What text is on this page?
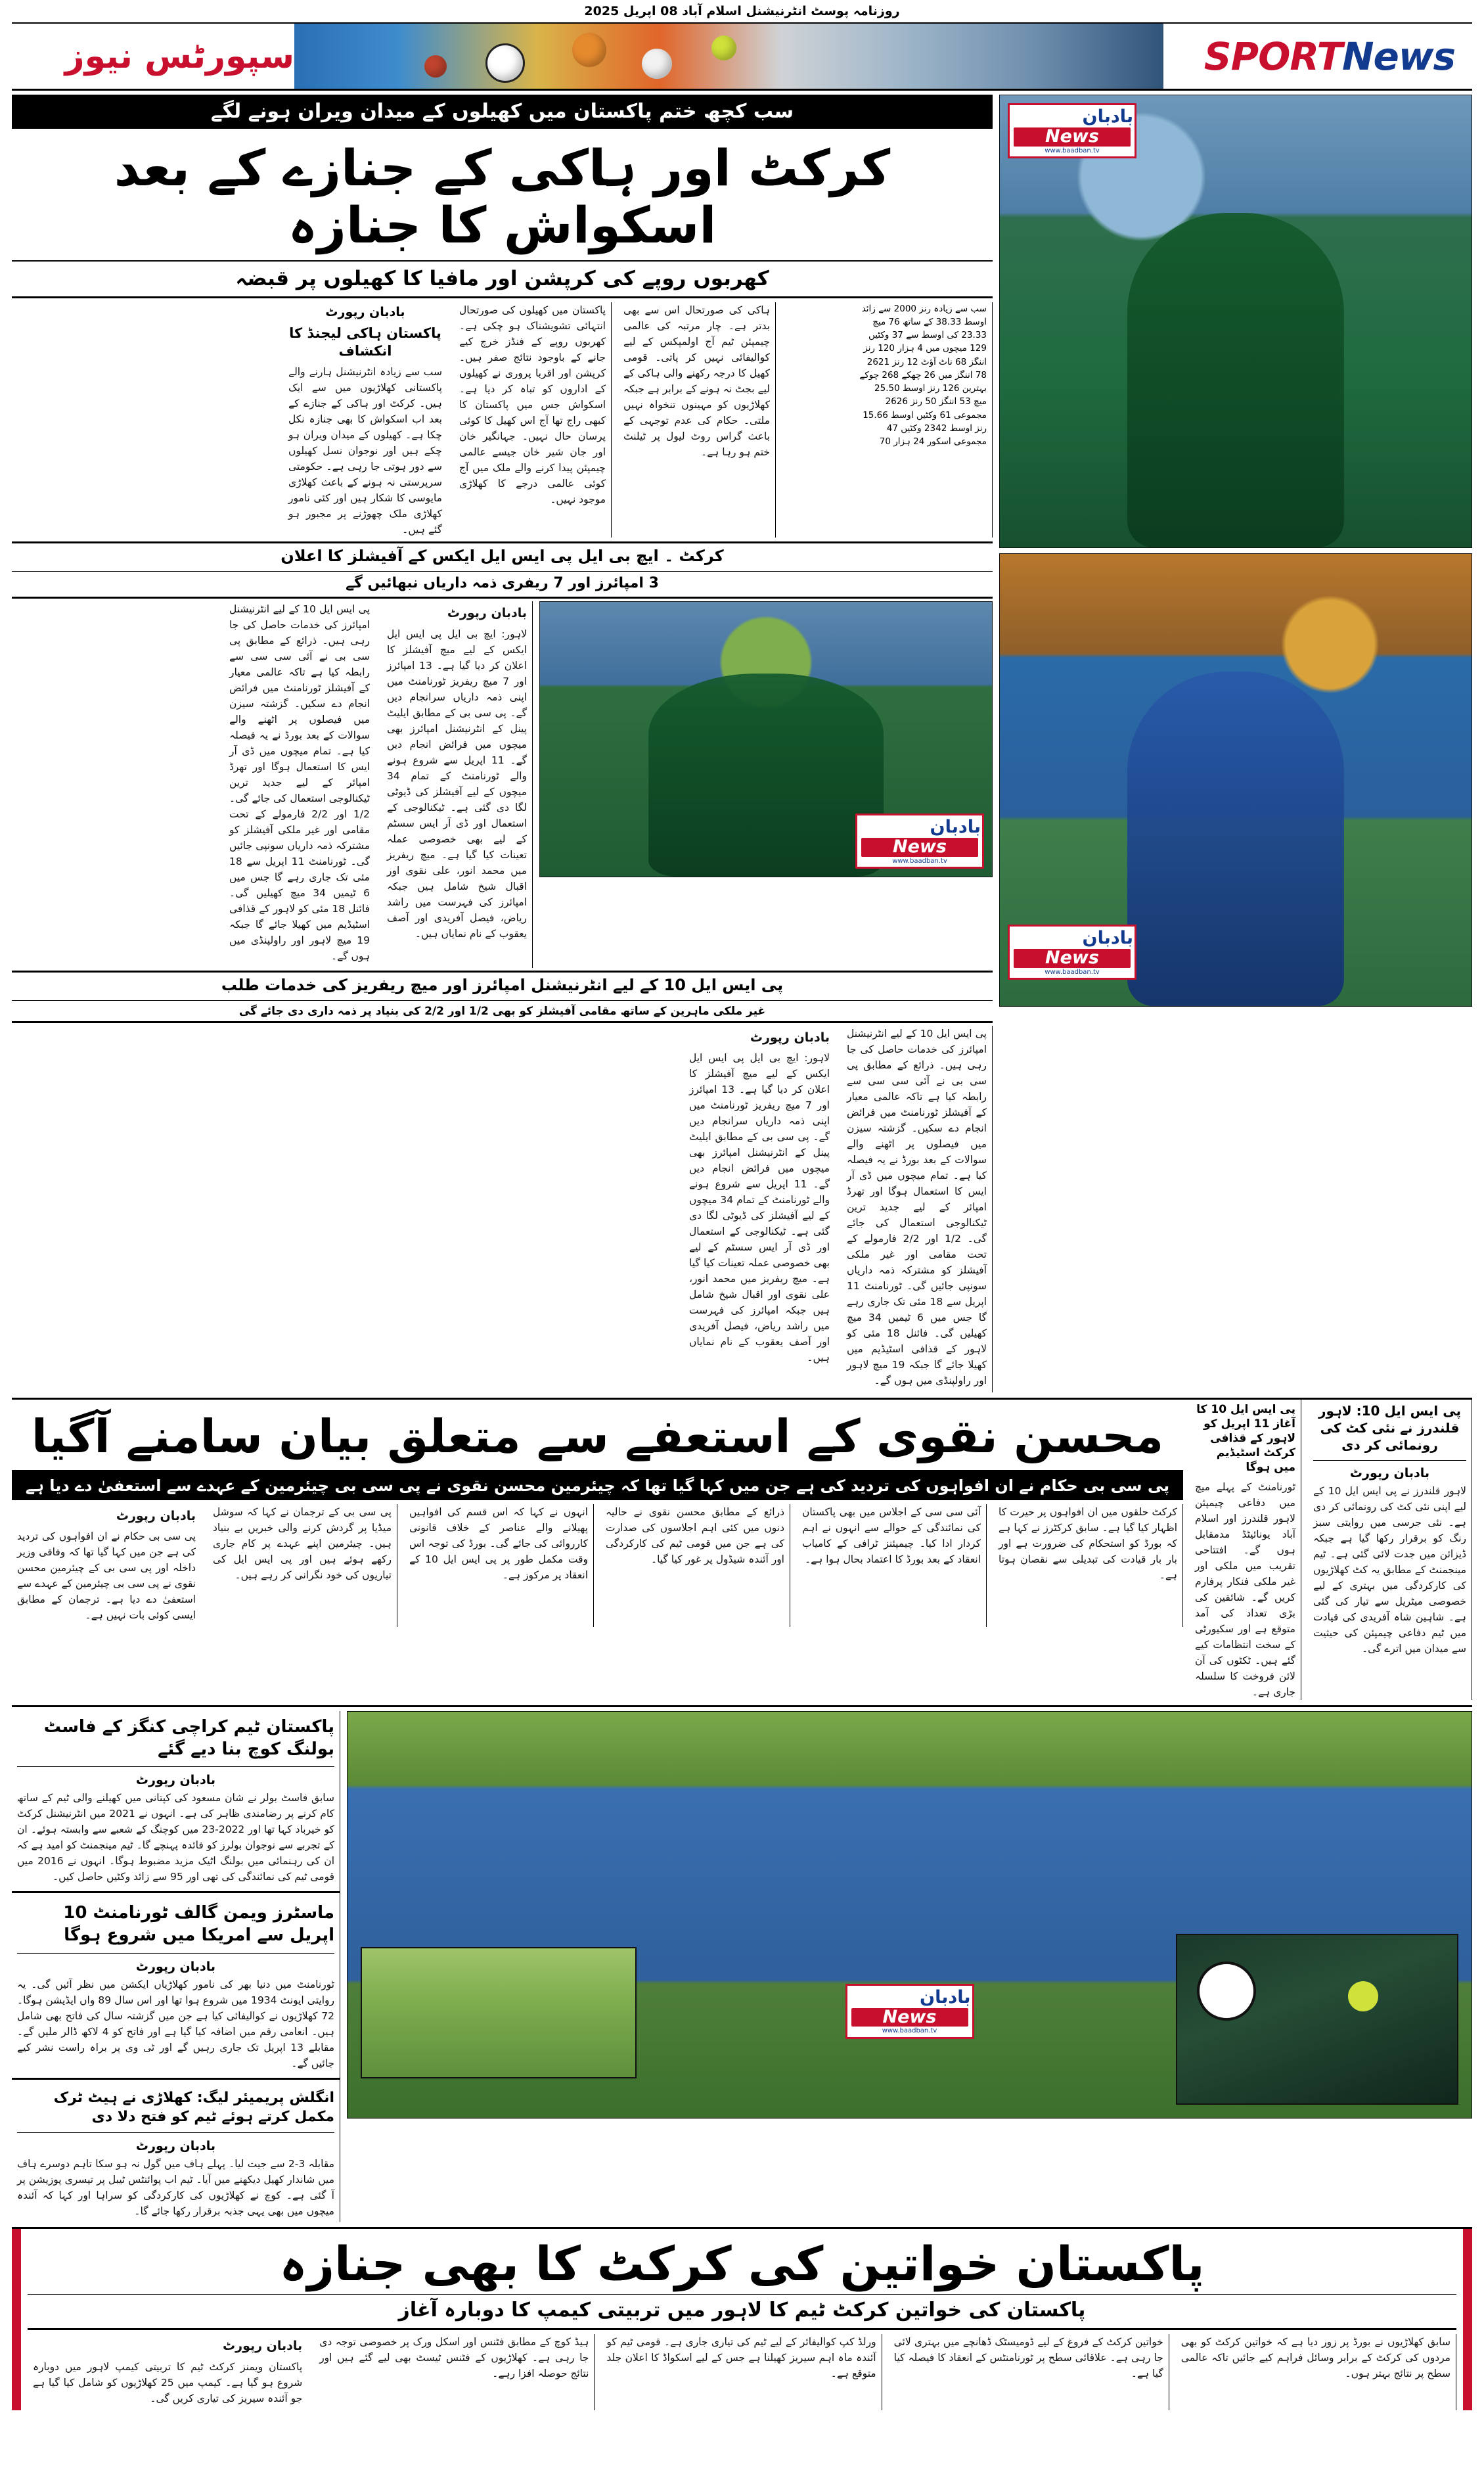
روزنامہ پوسٹ انٹرنیشنل اسلام آباد 08 اپریل 2025
SPORTNews
سپورٹس نیوز
بادبان
News
www.baadban.tv
بادبان
News
www.baadban.tv
سب کچھ ختم پاکستان میں کھیلوں کے میدان ویران ہونے لگے
کرکٹ اور ہاکی کے جنازے کے بعد اسکواش کا جنازہ
کھربوں روپے کی کرپشن اور مافیا کا کھیلوں پر قبضہ
سب سے زیادہ رنز 2000 سے زائد
اوسط 38.33 کے ساتھ 76 میچ
23.33 کی اوسط سے 37 وکٹیں
129 میچوں میں 4 ہزار 120 رنز
اننگز 68 ناٹ آؤٹ 12 رنز 2621
78 اننگز میں 26 چھکے 268 چوکے
بہترین 126 رنز اوسط 25.50
میچ 53 اننگز 50 رنز 2626
مجموعی 61 وکٹیں اوسط 15.66
رنز اوسط 2342 وکٹیں 47
مجموعی اسکور 24 ہزار 70

ہاکی کی صورتحال اس سے بھی بدتر ہے۔ چار مرتبہ کی عالمی چیمپئن ٹیم آج اولمپکس کے لیے کوالیفائی نہیں کر پاتی۔ قومی کھیل کا درجہ رکھنے والی ہاکی کے لیے بجٹ نہ ہونے کے برابر ہے جبکہ کھلاڑیوں کو مہینوں تنخواہ نہیں ملتی۔ حکام کی عدم توجہی کے باعث گراس روٹ لیول پر ٹیلنٹ ختم ہو رہا ہے۔

پاکستان میں کھیلوں کی صورتحال انتہائی تشویشناک ہو چکی ہے۔ کھربوں روپے کے فنڈز خرچ کیے جانے کے باوجود نتائج صفر ہیں۔ کرپشن اور اقربا پروری نے کھیلوں کے اداروں کو تباہ کر دیا ہے۔ اسکواش جس میں پاکستان کا کبھی راج تھا آج اس کھیل کا کوئی پرسان حال نہیں۔ جہانگیر خان اور جان شیر خان جیسے عالمی چیمپئن پیدا کرنے والے ملک میں آج کوئی عالمی درجے کا کھلاڑی موجود نہیں۔

بادبان رپورٹ
پاکستان ہاکی لیجنڈ کا انکشاف
سب سے زیادہ انٹرنیشنل ہارنے والے پاکستانی کھلاڑیوں میں سے ایک ہیں۔ کرکٹ اور ہاکی کے جنازے کے بعد اب اسکواش کا بھی جنازہ نکل چکا ہے۔ کھیلوں کے میدان ویران ہو چکے ہیں اور نوجوان نسل کھیلوں سے دور ہوتی جا رہی ہے۔ حکومتی سرپرستی نہ ہونے کے باعث کھلاڑی مایوسی کا شکار ہیں اور کئی نامور کھلاڑی ملک چھوڑنے پر مجبور ہو گئے ہیں۔
کرکٹ ۔ ایچ بی ایل پی ایس ایل ایکس کے آفیشلز کا اعلان
3 امپائرز اور 7 ریفری ذمہ داریاں نبھائیں گے
بادبان
News
www.baadban.tv
بادبان رپورٹ

لاہور: ایچ بی ایل پی ایس ایل ایکس کے لیے میچ آفیشلز کا اعلان کر دیا گیا ہے۔ 13 امپائرز اور 7 میچ ریفریز ٹورنامنٹ میں اپنی ذمہ داریاں سرانجام دیں گے۔ پی سی بی کے مطابق ایلیٹ پینل کے انٹرنیشنل امپائرز بھی میچوں میں فرائض انجام دیں گے۔ 11 اپریل سے شروع ہونے والے ٹورنامنٹ کے تمام 34 میچوں کے لیے آفیشلز کی ڈیوٹی لگا دی گئی ہے۔ ٹیکنالوجی کے استعمال اور ڈی آر ایس سسٹم کے لیے بھی خصوصی عملہ تعینات کیا گیا ہے۔ میچ ریفریز میں محمد انور، علی نقوی اور اقبال شیخ شامل ہیں جبکہ امپائرز کی فہرست میں راشد ریاض، فیصل آفریدی اور آصف یعقوب کے نام نمایاں ہیں۔

پی ایس ایل 10 کے لیے انٹرنیشنل امپائرز کی خدمات حاصل کی جا رہی ہیں۔ ذرائع کے مطابق پی سی بی نے آئی سی سی سے رابطہ کیا ہے تاکہ عالمی معیار کے آفیشلز ٹورنامنٹ میں فرائض انجام دے سکیں۔ گزشتہ سیزن میں فیصلوں پر اٹھنے والے سوالات کے بعد بورڈ نے یہ فیصلہ کیا ہے۔ تمام میچوں میں ڈی آر ایس کا استعمال ہوگا اور تھرڈ امپائر کے لیے جدید ترین ٹیکنالوجی استعمال کی جائے گی۔ 1/2 اور 2/2 فارمولے کے تحت مقامی اور غیر ملکی آفیشلز کو مشترکہ ذمہ داریاں سونپی جائیں گی۔ ٹورنامنٹ 11 اپریل سے 18 مئی تک جاری رہے گا جس میں 6 ٹیمیں 34 میچ کھیلیں گی۔ فائنل 18 مئی کو لاہور کے قذافی اسٹیڈیم میں کھیلا جائے گا جبکہ 19 میچ لاہور اور راولپنڈی میں ہوں گے۔

پی ایس ایل 10 کے لیے انٹرنیشنل امپائرز اور میچ ریفریز کی خدمات طلب
غیر ملکی ماہرین کے ساتھ مقامی آفیشلز کو بھی 1/2 اور 2/2 کی بنیاد پر ذمہ داری دی جائے گی

پی ایس ایل 10 کے لیے انٹرنیشنل امپائرز کی خدمات حاصل کی جا رہی ہیں۔ ذرائع کے مطابق پی سی بی نے آئی سی سی سے رابطہ کیا ہے تاکہ عالمی معیار کے آفیشلز ٹورنامنٹ میں فرائض انجام دے سکیں۔ گزشتہ سیزن میں فیصلوں پر اٹھنے والے سوالات کے بعد بورڈ نے یہ فیصلہ کیا ہے۔ تمام میچوں میں ڈی آر ایس کا استعمال ہوگا اور تھرڈ امپائر کے لیے جدید ترین ٹیکنالوجی استعمال کی جائے گی۔ 1/2 اور 2/2 فارمولے کے تحت مقامی اور غیر ملکی آفیشلز کو مشترکہ ذمہ داریاں سونپی جائیں گی۔ ٹورنامنٹ 11 اپریل سے 18 مئی تک جاری رہے گا جس میں 6 ٹیمیں 34 میچ کھیلیں گی۔ فائنل 18 مئی کو لاہور کے قذافی اسٹیڈیم میں کھیلا جائے گا جبکہ 19 میچ لاہور اور راولپنڈی میں ہوں گے۔

بادبان رپورٹ

لاہور: ایچ بی ایل پی ایس ایل ایکس کے لیے میچ آفیشلز کا اعلان کر دیا گیا ہے۔ 13 امپائرز اور 7 میچ ریفریز ٹورنامنٹ میں اپنی ذمہ داریاں سرانجام دیں گے۔ پی سی بی کے مطابق ایلیٹ پینل کے انٹرنیشنل امپائرز بھی میچوں میں فرائض انجام دیں گے۔ 11 اپریل سے شروع ہونے والے ٹورنامنٹ کے تمام 34 میچوں کے لیے آفیشلز کی ڈیوٹی لگا دی گئی ہے۔ ٹیکنالوجی کے استعمال اور ڈی آر ایس سسٹم کے لیے بھی خصوصی عملہ تعینات کیا گیا ہے۔ میچ ریفریز میں محمد انور، علی نقوی اور اقبال شیخ شامل ہیں جبکہ امپائرز کی فہرست میں راشد ریاض، فیصل آفریدی اور آصف یعقوب کے نام نمایاں ہیں۔

پی ایس ایل 10: لاہور قلندرز نے نئی کٹ کی رونمائی کر دی
بادبان رپورٹ
لاہور قلندرز نے پی ایس ایل 10 کے لیے اپنی نئی کٹ کی رونمائی کر دی ہے۔ نئی جرسی میں روایتی سبز رنگ کو برقرار رکھا گیا ہے جبکہ ڈیزائن میں جدت لائی گئی ہے۔ ٹیم مینجمنٹ کے مطابق یہ کٹ کھلاڑیوں کی کارکردگی میں بہتری کے لیے خصوصی میٹریل سے تیار کی گئی ہے۔ شاہین شاہ آفریدی کی قیادت میں ٹیم دفاعی چیمپئن کی حیثیت سے میدان میں اترے گی۔
پی ایس ایل 10 کا آغاز 11 اپریل کو لاہور کے قذافی کرکٹ اسٹیڈیم میں ہوگا
ٹورنامنٹ کے پہلے میچ میں دفاعی چیمپئن لاہور قلندرز اور اسلام آباد یونائیٹڈ مدمقابل ہوں گے۔ افتتاحی تقریب میں ملکی اور غیر ملکی فنکار پرفارم کریں گے۔ شائقین کی بڑی تعداد کی آمد متوقع ہے اور سکیورٹی کے سخت انتظامات کیے گئے ہیں۔ ٹکٹوں کی آن لائن فروخت کا سلسلہ جاری ہے۔
محسن نقوی کے استعفے سے متعلق بیان سامنے آگیا
پی سی بی حکام نے ان افواہوں کی تردید کی ہے جن میں کہا گیا تھا کہ چیئرمین محسن نقوی نے پی سی بی چیئرمین کے عہدے سے استعفیٰ دے دیا ہے

کرکٹ حلقوں میں ان افواہوں پر حیرت کا اظہار کیا گیا ہے۔ سابق کرکٹرز نے کہا ہے کہ بورڈ کو استحکام کی ضرورت ہے اور بار بار قیادت کی تبدیلی سے نقصان ہوتا ہے۔

آئی سی سی کے اجلاس میں بھی پاکستان کی نمائندگی کے حوالے سے انہوں نے اہم کردار ادا کیا۔ چیمپئنز ٹرافی کے کامیاب انعقاد کے بعد بورڈ کا اعتماد بحال ہوا ہے۔

ذرائع کے مطابق محسن نقوی نے حالیہ دنوں میں کئی اہم اجلاسوں کی صدارت کی ہے جن میں قومی ٹیم کی کارکردگی اور آئندہ شیڈول پر غور کیا گیا۔

انہوں نے کہا کہ اس قسم کی افواہیں پھیلانے والے عناصر کے خلاف قانونی کارروائی کی جائے گی۔ بورڈ کی توجہ اس وقت مکمل طور پر پی ایس ایل 10 کے انعقاد پر مرکوز ہے۔

پی سی بی کے ترجمان نے کہا کہ سوشل میڈیا پر گردش کرنے والی خبریں بے بنیاد ہیں۔ چیئرمین اپنے عہدے پر کام جاری رکھے ہوئے ہیں اور پی ایس ایل کی تیاریوں کی خود نگرانی کر رہے ہیں۔

بادبان رپورٹ

پی سی بی حکام نے ان افواہوں کی تردید کی ہے جن میں کہا گیا تھا کہ وفاقی وزیر داخلہ اور پی سی بی کے چیئرمین محسن نقوی نے پی سی بی چیئرمین کے عہدے سے استعفیٰ دے دیا ہے۔ ترجمان کے مطابق ایسی کوئی بات نہیں ہے۔

بادبان
News
www.baadban.tv
پاکستان ٹیم کراچی کنگز کے فاسٹ بولنگ کوچ بنا دیے گئے
بادبان رپورٹ
سابق فاسٹ بولر نے شان مسعود کی کپتانی میں کھیلنے والی ٹیم کے ساتھ کام کرنے پر رضامندی ظاہر کی ہے۔ انہوں نے 2021 میں انٹرنیشنل کرکٹ کو خیرباد کہا تھا اور 2022-23 میں کوچنگ کے شعبے سے وابستہ ہوئے۔ ان کے تجربے سے نوجوان بولرز کو فائدہ پہنچے گا۔ ٹیم مینجمنٹ کو امید ہے کہ ان کی رہنمائی میں بولنگ اٹیک مزید مضبوط ہوگا۔ انہوں نے 2016 میں قومی ٹیم کی نمائندگی کی تھی اور 95 سے زائد وکٹیں حاصل کیں۔
ماسٹرز ویمن گالف ٹورنامنٹ 10 اپریل سے امریکا میں شروع ہوگا
بادبان رپورٹ
ٹورنامنٹ میں دنیا بھر کی نامور کھلاڑیاں ایکشن میں نظر آئیں گی۔ یہ روایتی ایونٹ 1934 میں شروع ہوا تھا اور اس سال 89 واں ایڈیشن ہوگا۔ 72 کھلاڑیوں نے کوالیفائی کیا ہے جن میں گزشتہ سال کی فاتح بھی شامل ہیں۔ انعامی رقم میں اضافہ کیا گیا ہے اور فاتح کو 4 لاکھ ڈالر ملیں گے۔ مقابلے 13 اپریل تک جاری رہیں گے اور ٹی وی پر براہ راست نشر کیے جائیں گے۔
انگلش پریمیئر لیگ: کھلاڑی نے ہیٹ ٹرک مکمل کرتے ہوئے ٹیم کو فتح دلا دی
بادبان رپورٹ
مقابلہ 3-2 سے جیت لیا۔ پہلے ہاف میں گول نہ ہو سکا تاہم دوسرے ہاف میں شاندار کھیل دیکھنے میں آیا۔ ٹیم اب پوائنٹس ٹیبل پر تیسری پوزیشن پر آ گئی ہے۔ کوچ نے کھلاڑیوں کی کارکردگی کو سراہا اور کہا کہ آئندہ میچوں میں بھی یہی جذبہ برقرار رکھا جائے گا۔
پاکستان خواتین کی کرکٹ کا بھی جنازہ
پاکستان کی خواتین کرکٹ ٹیم کا لاہور میں تربیتی کیمپ کا دوبارہ آغاز

سابق کھلاڑیوں نے بورڈ پر زور دیا ہے کہ خواتین کرکٹ کو بھی مردوں کی کرکٹ کے برابر وسائل فراہم کیے جائیں تاکہ عالمی سطح پر نتائج بہتر ہوں۔

خواتین کرکٹ کے فروغ کے لیے ڈومیسٹک ڈھانچے میں بہتری لائی جا رہی ہے۔ علاقائی سطح پر ٹورنامنٹس کے انعقاد کا فیصلہ کیا گیا ہے۔

ورلڈ کپ کوالیفائر کے لیے ٹیم کی تیاری جاری ہے۔ قومی ٹیم کو آئندہ ماہ اہم سیریز کھیلنا ہے جس کے لیے اسکواڈ کا اعلان جلد متوقع ہے۔

ہیڈ کوچ کے مطابق فٹنس اور اسکل ورک پر خصوصی توجہ دی جا رہی ہے۔ کھلاڑیوں کے فٹنس ٹیسٹ بھی لیے گئے ہیں اور نتائج حوصلہ افزا رہے۔

بادبان رپورٹ

پاکستان ویمنز کرکٹ ٹیم کا تربیتی کیمپ لاہور میں دوبارہ شروع ہو گیا ہے۔ کیمپ میں 25 کھلاڑیوں کو شامل کیا گیا ہے جو آئندہ سیریز کی تیاری کریں گی۔
